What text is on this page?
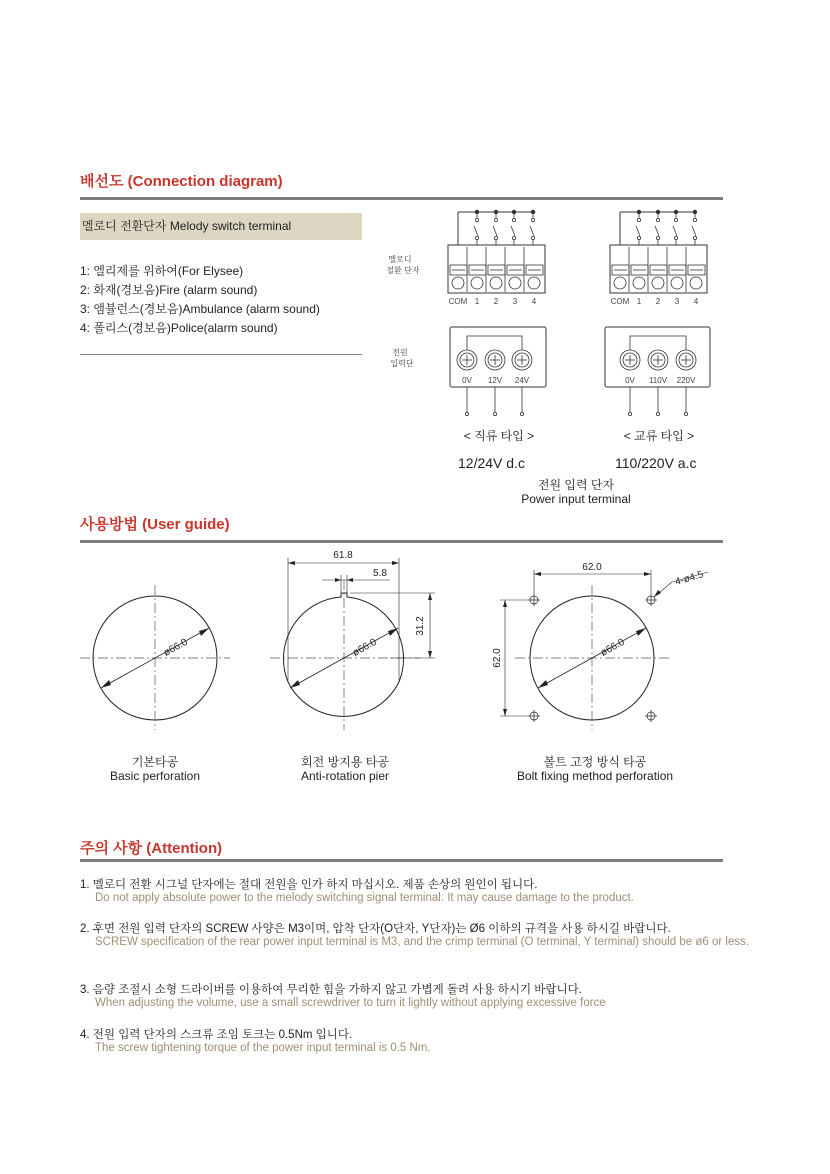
배선도 (Connection diagram)
멜로디 전환단자 Melody switch terminal
1: 엘리제를 위하여(For Elysee)
2: 화재(경보음)Fire (alarm sound)
3: 앰뷸런스(경보음)Ambulance (alarm sound)
4: 폴리스(경보음)Police(alarm sound)
멜로디
절환 단자
전원
입력단
COM 1 2 3 4	COM 1 2 3 4
0V 12V 24V	0V 110V 220V
< 직류 타입 >	< 교류 타입 >
12/24V d.c	110/220V a.c
전원 입력 단자
Power input terminal
사용방법 (User guide)
ø66.0
61.8
5.8
31.2
ø66.0
62.0
62.0
4-ø4.5
ø66.0
기본타공
Basic perforation
회전 방지용 타공
Anti-rotation pier
볼트 고정 방식 타공
Bolt fixing method perforation
주의 사항 (Attention)
1. 멜로디 전환 시그널 단자에는 절대 전원을 인가 하지 마십시오. 제품 손상의 원인이 됩니다.
Do not apply absolute power to the melody switching signal terminal. It may cause damage to the product.
2. 후면 전원 입력 단자의 SCREW 사양은 M3이며, 압착 단자(O단자, Y단자)는 Ø6 이하의 규격을 사용 하시길 바랍니다.
SCREW specification of the rear power input terminal is M3, and the crimp terminal (O terminal, Y terminal) should be ø6 or less.
3. 음량 조절시 소형 드라이버를 이용하여 무리한 힘을 가하지 않고 가볍게 돌려 사용 하시기 바랍니다.
When adjusting the volume, use a small screwdriver to turn it lightly without applying excessive force
4. 전원 입력 단자의 스크류 조임 토크는 0.5Nm 입니다.
The screw tightening torque of the power input terminal is 0.5 Nm.
